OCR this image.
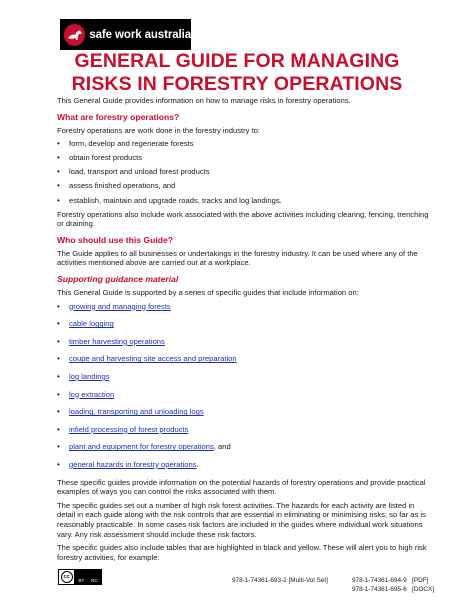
safe work australia
GENERAL GUIDE FOR MANAGING
RISKS IN FORESTRY OPERATIONS

This General Guide provides information on how to manage risks in forestry operations.

What are forestry operations?

Forestry operations are work done in the forestry industry to:

• form, develop and regenerate forests
• obtain forest products
• load, transport and unload forest products
• assess finished operations, and
• establish, maintain and upgrade roads, tracks and log landings.

Forestry operations also include work associated with the above activities including clearing, fencing, trenching or draining.

Who should use this Guide?

The Guide applies to all businesses or undertakings in the forestry industry. It can be used where any of the activities mentioned above are carried out at a workplace.

Supporting guidance material

This General Guide is supported by a series of specific guides that include information on:

• growing and managing forests
• cable logging
• timber harvesting operations
• coupe and harvesting site access and preparation
• log landings
• log extraction
• loading, transporting and unloading logs
• infield processing of forest products
• plant and equipment for forestry operations, and
• general hazards in forestry operations.

These specific guides provide information on the potential hazards of forestry operations and provide practical examples of ways you can control the risks associated with them.

The specific guides set out a number of high risk forest activities. The hazards for each activity are listed in detail in each guide along with the risk controls that are essential in eliminating or minimising risks, so far as is reasonably practicable. In some cases risk factors are included in the guides where individual work situations vary. Any risk assessment should include these risk factors.

The specific guides also include tables that are highlighted in black and yellow. These will alert you to high risk forestry activities, for example:

cc
BY NC	978-1-74361-693-2 [Multi-Vol Set]	978-1-74361-694-9 [PDF]
978-1-74361-695-6 [DOCX]
